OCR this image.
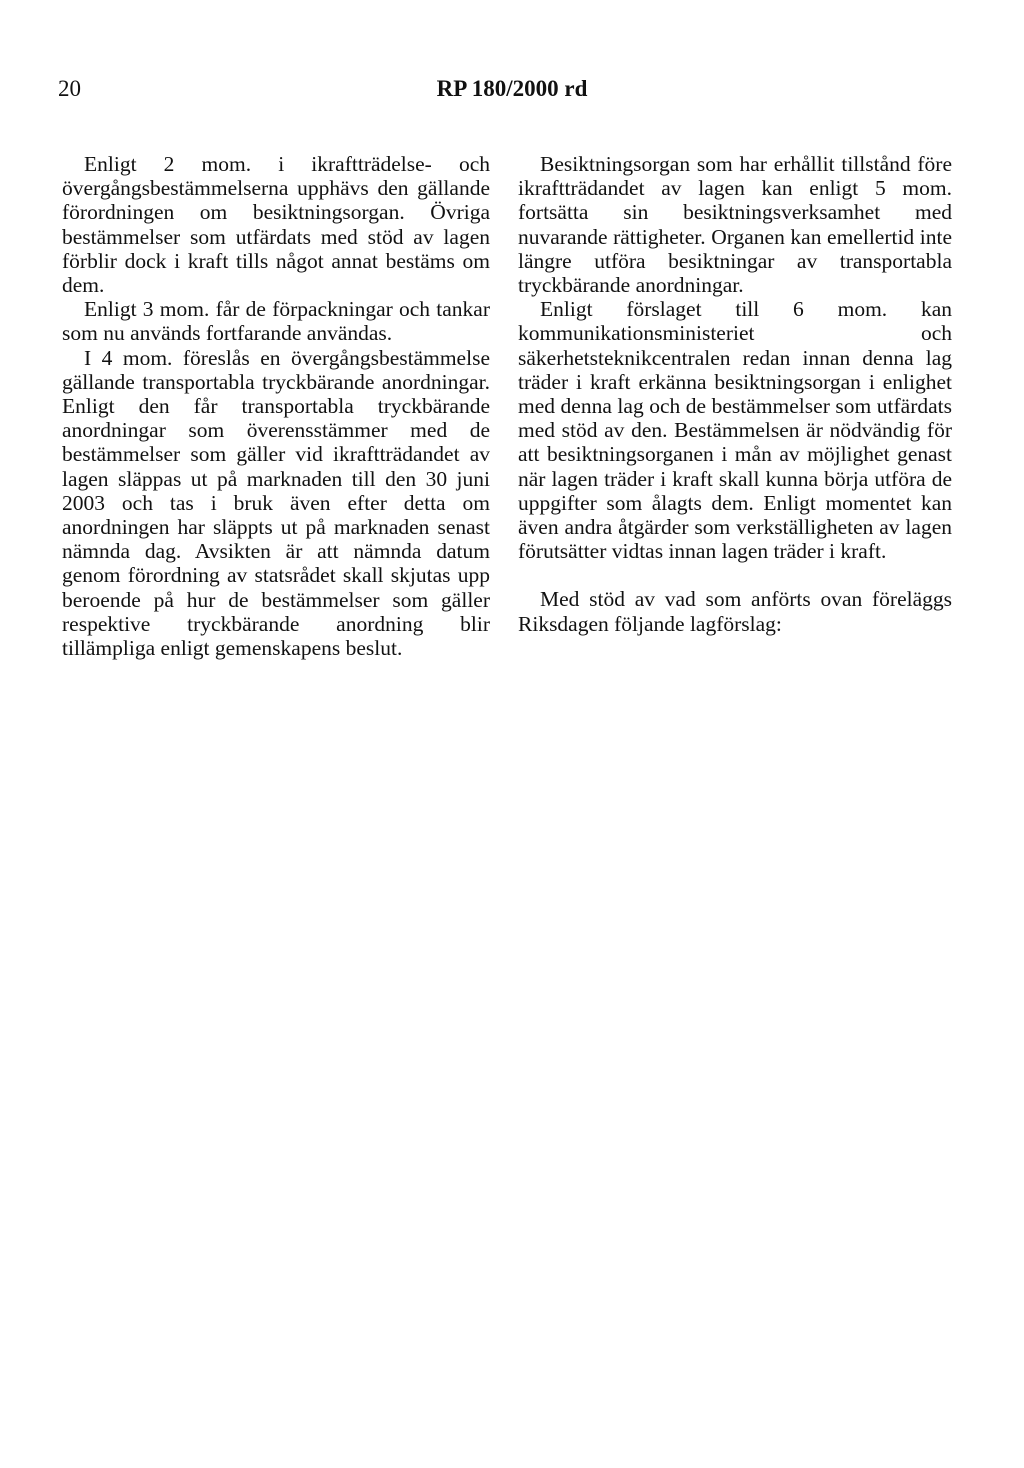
20	RP 180/2000 rd

Enligt 2 mom. i ikraftträdelse- och övergångsbestämmelserna upphävs den gällande förordningen om besiktningsorgan. Övriga bestämmelser som utfärdats med stöd av lagen förblir dock i kraft tills något annat bestäms om dem.

Enligt 3 mom. får de förpackningar och tankar som nu används fortfarande användas.

I 4 mom. föreslås en övergångsbestämmelse gällande transportabla tryckbärande anordningar. Enligt den får transportabla tryckbärande anordningar som överensstämmer med de bestämmelser som gäller vid ikraftträdandet av lagen släppas ut på marknaden till den 30 juni 2003 och tas i bruk även efter detta om anordningen har släppts ut på marknaden senast nämnda dag. Avsikten är att nämnda datum genom förordning av statsrådet skall skjutas upp beroende på hur de bestämmelser som gäller respektive tryckbärande anordning blir tillämpliga enligt gemenskapens beslut.

Besiktningsorgan som har erhållit tillstånd före ikraftträdandet av lagen kan enligt 5 mom. fortsätta sin besiktningsverksamhet med nuvarande rättigheter. Organen kan emellertid inte längre utföra besiktningar av transportabla tryckbärande anordningar.

Enligt förslaget till 6 mom. kan kommunikationsministeriet och säkerhetsteknikcentralen redan innan denna lag träder i kraft erkänna besiktningsorgan i enlighet med denna lag och de bestämmelser som utfärdats med stöd av den. Bestämmelsen är nödvändig för att besiktningsorganen i mån av möjlighet genast när lagen träder i kraft skall kunna börja utföra de uppgifter som ålagts dem. Enligt momentet kan även andra åtgärder som verkställigheten av lagen förutsätter vidtas innan lagen träder i kraft.

Med stöd av vad som anförts ovan föreläggs Riksdagen följande lagförslag:
